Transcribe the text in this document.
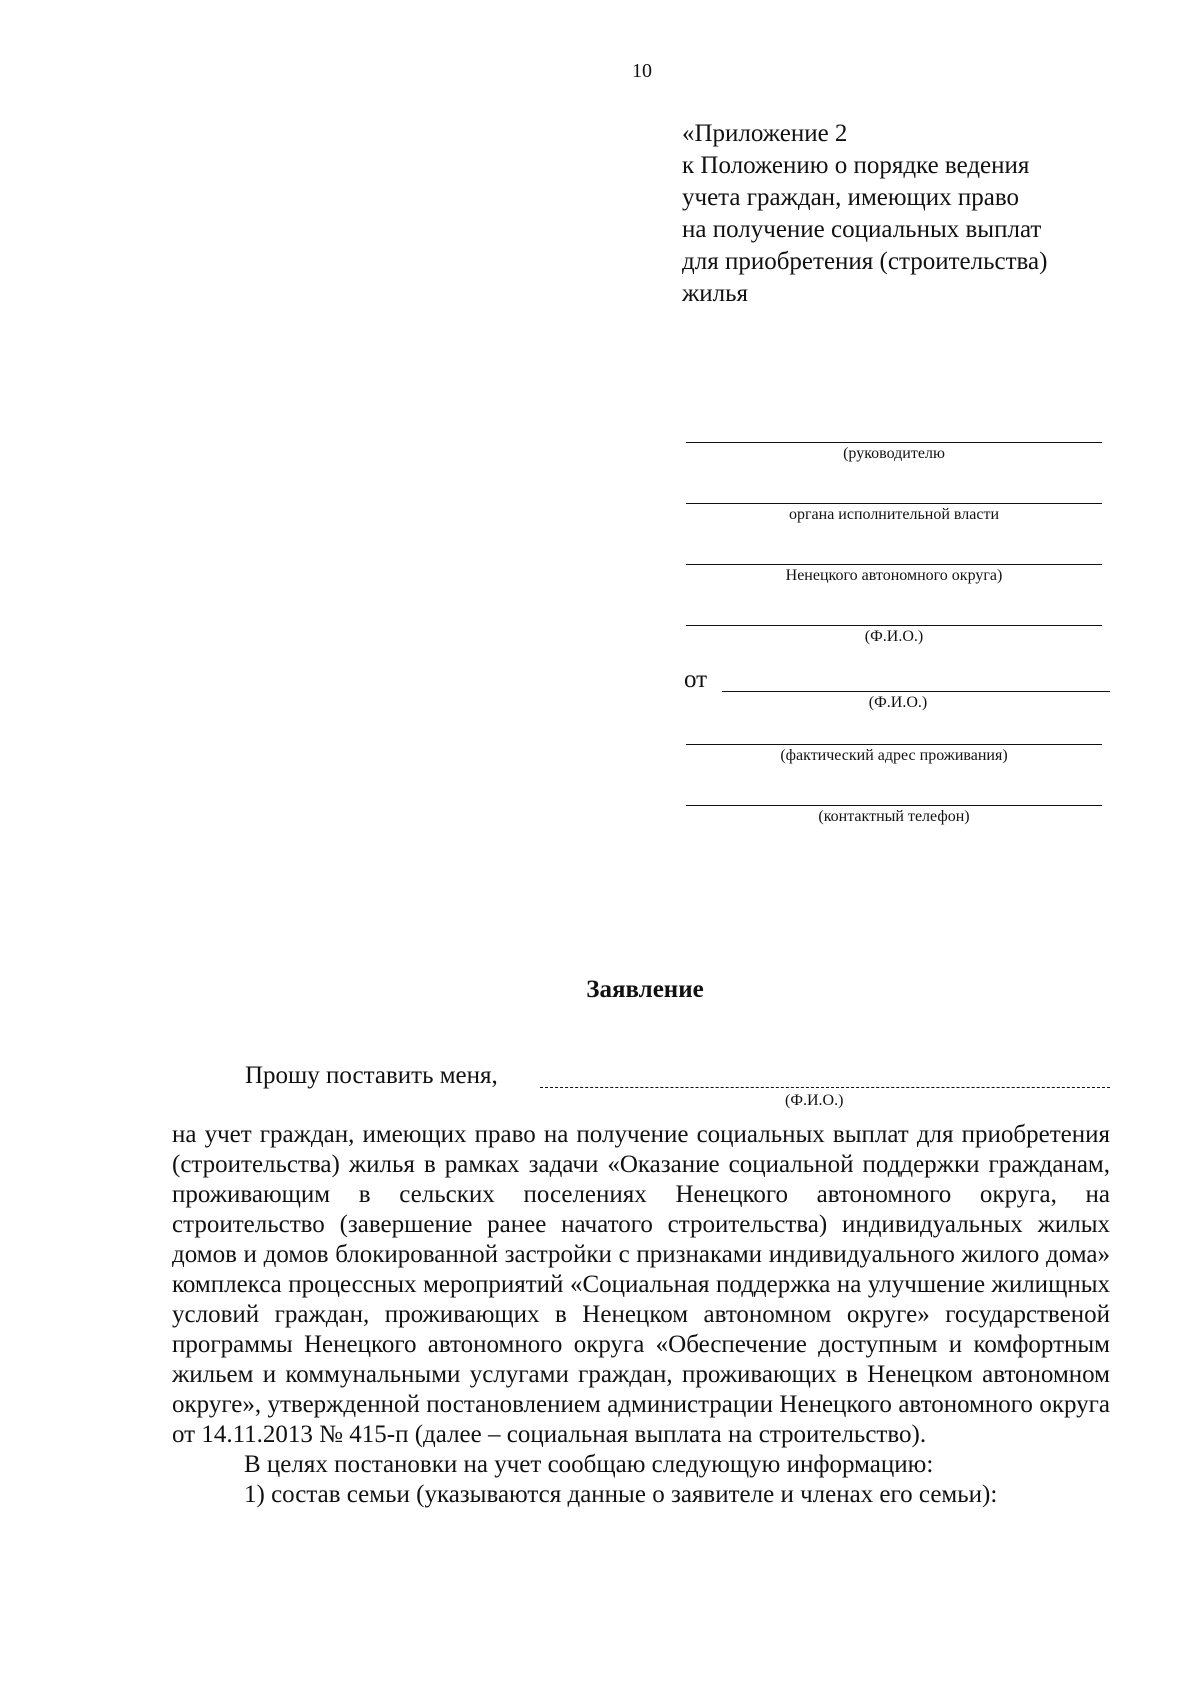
10
«Приложение 2
к Положению о порядке ведения
учета граждан, имеющих право
на получение социальных выплат
для приобретения (строительства)
жилья
(руководителю
органа исполнительной власти
Ненецкого автономного округа)
(Ф.И.О.)
от
(Ф.И.О.)
(фактический адрес проживания)
(контактный телефон)
Заявление
Прошу поставить меня,
(Ф.И.О.)

на учет граждан, имеющих право на получение социальных выплат для приобретения (строительства) жилья в рамках задачи «Оказание социальной поддержки гражданам, проживающим в сельских поселениях Ненецкого автономного округа, на строительство (завершение ранее начатого строительства) индивидуальных жилых домов и домов блокированной застройки с признаками индивидуального жилого дома» комплекса процессных мероприятий «Социальная поддержка на улучшение жилищных условий граждан, проживающих в Ненецком автономном округе» государственой программы Ненецкого автономного округа «Обеспечение доступным и комфортным жильем и коммунальными услугами граждан, проживающих в Ненецком автономном округе», утвержденной постановлением администрации Ненецкого автономного округа от 14.11.2013 № 415-п (далее – социальная выплата на строительство).

В целях постановки на учет сообщаю следующую информацию:

1) состав семьи (указываются данные о заявителе и членах его семьи):
